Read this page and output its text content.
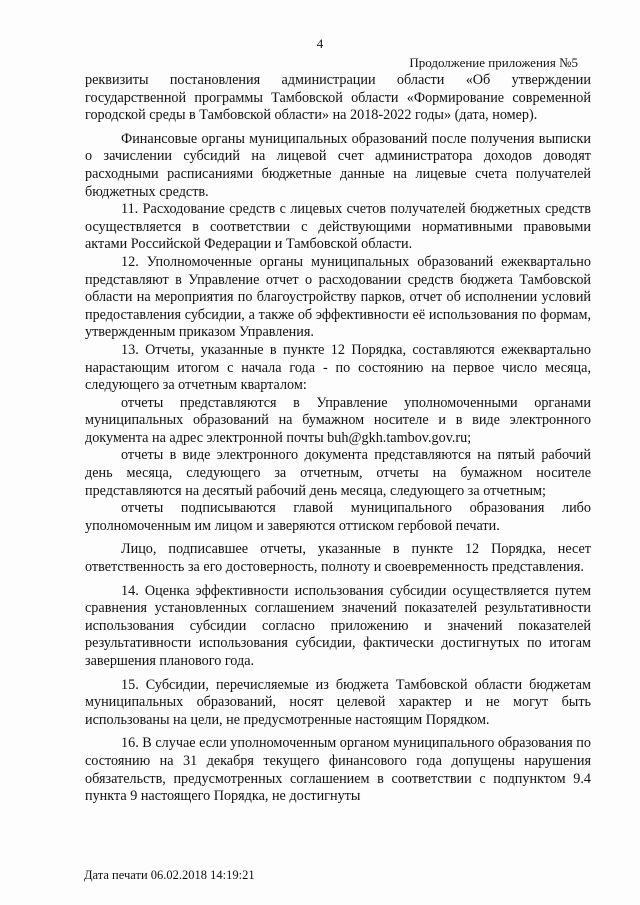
4
Продолжение приложения №5

реквизиты постановления администрации области «Об утверждении государственной программы Тамбовской области «Формирование современной городской среды в Тамбовской области» на 2018-2022 годы» (дата, номер).

Финансовые органы муниципальных образований после получения выписки о зачислении субсидий на лицевой счет администратора доходов доводят расходными расписаниями бюджетные данные на лицевые счета получателей бюджетных средств.

11. Расходование средств с лицевых счетов получателей бюджетных средств осуществляется в соответствии с действующими нормативными правовыми актами Российской Федерации и Тамбовской области.

12. Уполномоченные органы муниципальных образований ежеквартально представляют в Управление отчет о расходовании средств бюджета Тамбовской области на мероприятия по благоустройству парков, отчет об исполнении условий предоставления субсидии, а также об эффективности её использования по формам, утвержденным приказом Управления.

13. Отчеты, указанные в пункте 12 Порядка, составляются ежеквартально нарастающим итогом с начала года - по состоянию на первое число месяца, следующего за отчетным кварталом:

отчеты представляются в Управление уполномоченными органами муниципальных образований на бумажном носителе и в виде электронного документа на адрес электронной почты buh@gkh.tambov.gov.ru;

отчеты в виде электронного документа представляются на пятый рабочий день месяца, следующего за отчетным, отчеты на бумажном носителе представляются на десятый рабочий день месяца, следующего за отчетным;

отчеты подписываются главой муниципального образования либо уполномоченным им лицом и заверяются оттиском гербовой печати.

Лицо, подписавшее отчеты, указанные в пункте 12 Порядка, несет ответственность за его достоверность, полноту и своевременность представления.

14. Оценка эффективности использования субсидии осуществляется путем сравнения установленных соглашением значений показателей результативности использования субсидии согласно приложению и значений показателей результативности использования субсидии, фактически достигнутых по итогам завершения планового года.

15. Субсидии, перечисляемые из бюджета Тамбовской области бюджетам муниципальных образований, носят целевой характер и не могут быть использованы на цели, не предусмотренные настоящим Порядком.

16. В случае если уполномоченным органом муниципального образования по состоянию на 31 декабря текущего финансового года допущены нарушения обязательств, предусмотренных соглашением в соответствии с подпунктом 9.4 пункта 9 настоящего Порядка, не достигнуты

Дата печати 06.02.2018 14:19:21
